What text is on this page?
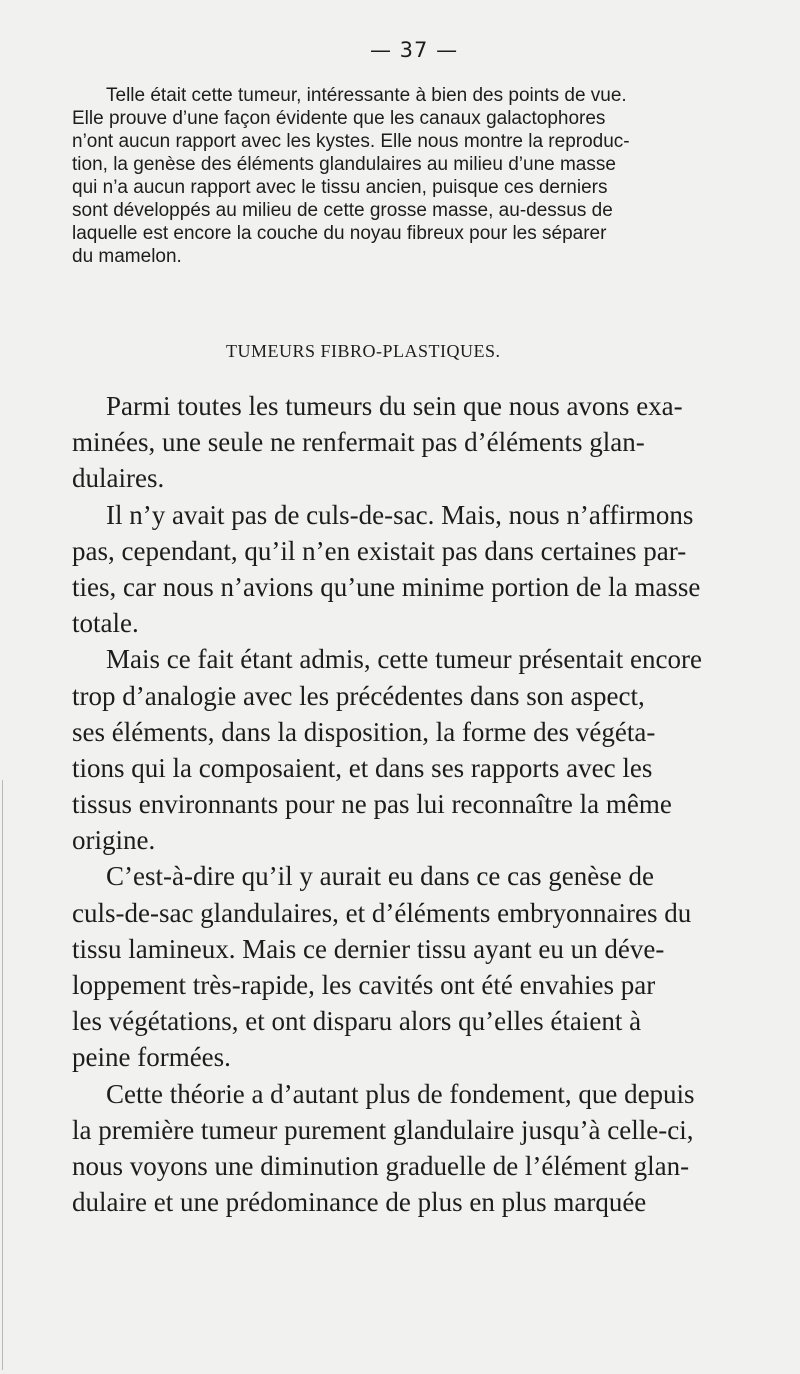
— 37 —
Telle était cette tumeur, intéressante à bien des points de vue.
Elle prouve d’une façon évidente que les canaux galactophores
n’ont aucun rapport avec les kystes. Elle nous montre la reproduc-
tion, la genèse des éléments glandulaires au milieu d’une masse
qui n’a aucun rapport avec le tissu ancien, puisque ces derniers
sont développés au milieu de cette grosse masse, au-dessus de
laquelle est encore la couche du noyau fibreux pour les séparer
du mamelon.
TUMEURS FIBRO-PLASTIQUES.
Parmi toutes les tumeurs du sein que nous avons exa-
minées, une seule ne renfermait pas d’éléments glan-
dulaires.
Il n’y avait pas de culs-de-sac. Mais, nous n’affirmons
pas, cependant, qu’il n’en existait pas dans certaines par-
ties, car nous n’avions qu’une minime portion de la masse
totale.
Mais ce fait étant admis, cette tumeur présentait encore
trop d’analogie avec les précédentes dans son aspect,
ses éléments, dans la disposition, la forme des végéta-
tions qui la composaient, et dans ses rapports avec les
tissus environnants pour ne pas lui reconnaître la même
origine.
C’est-à-dire qu’il y aurait eu dans ce cas genèse de
culs-de-sac glandulaires, et d’éléments embryonnaires du
tissu lamineux. Mais ce dernier tissu ayant eu un déve-
loppement très-rapide, les cavités ont été envahies par
les végétations, et ont disparu alors qu’elles étaient à
peine formées.
Cette théorie a d’autant plus de fondement, que depuis
la première tumeur purement glandulaire jusqu’à celle-ci,
nous voyons une diminution graduelle de l’élément glan-
dulaire et une prédominance de plus en plus marquée
